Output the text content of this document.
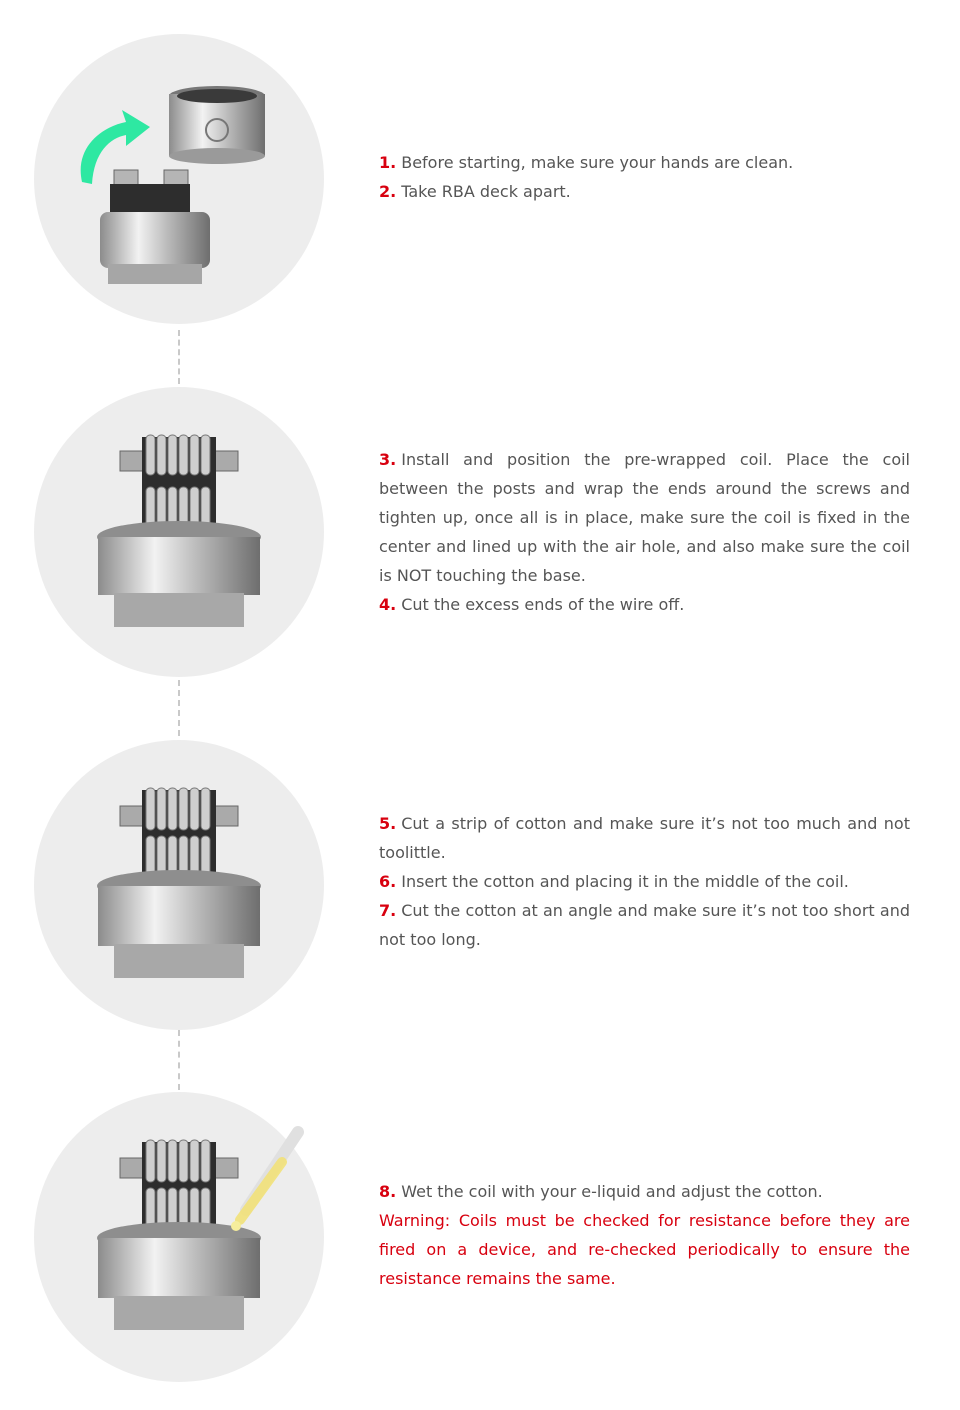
1. Before starting, make sure your hands are clean.

2. Take RBA deck apart.

3. Install and position the pre-wrapped coil. Place the coil between the posts and wrap the ends around the screws and tighten up, once all is in place, make sure the coil is fixed in the center and lined up with the air hole, and also make sure the coil is NOT touching the base.

4. Cut the excess ends of the wire off.

5. Cut a strip of cotton and make sure it’s not too much and not toolittle.

6. Insert the cotton and placing it in the middle of the coil.

7. Cut the cotton at an angle and make sure it’s not too short and not too long.

8. Wet the coil with your e-liquid and adjust the cotton.

Warning: Coils must be checked for resistance before they are fired on a device, and re-checked periodically to ensure the resistance remains the same.
